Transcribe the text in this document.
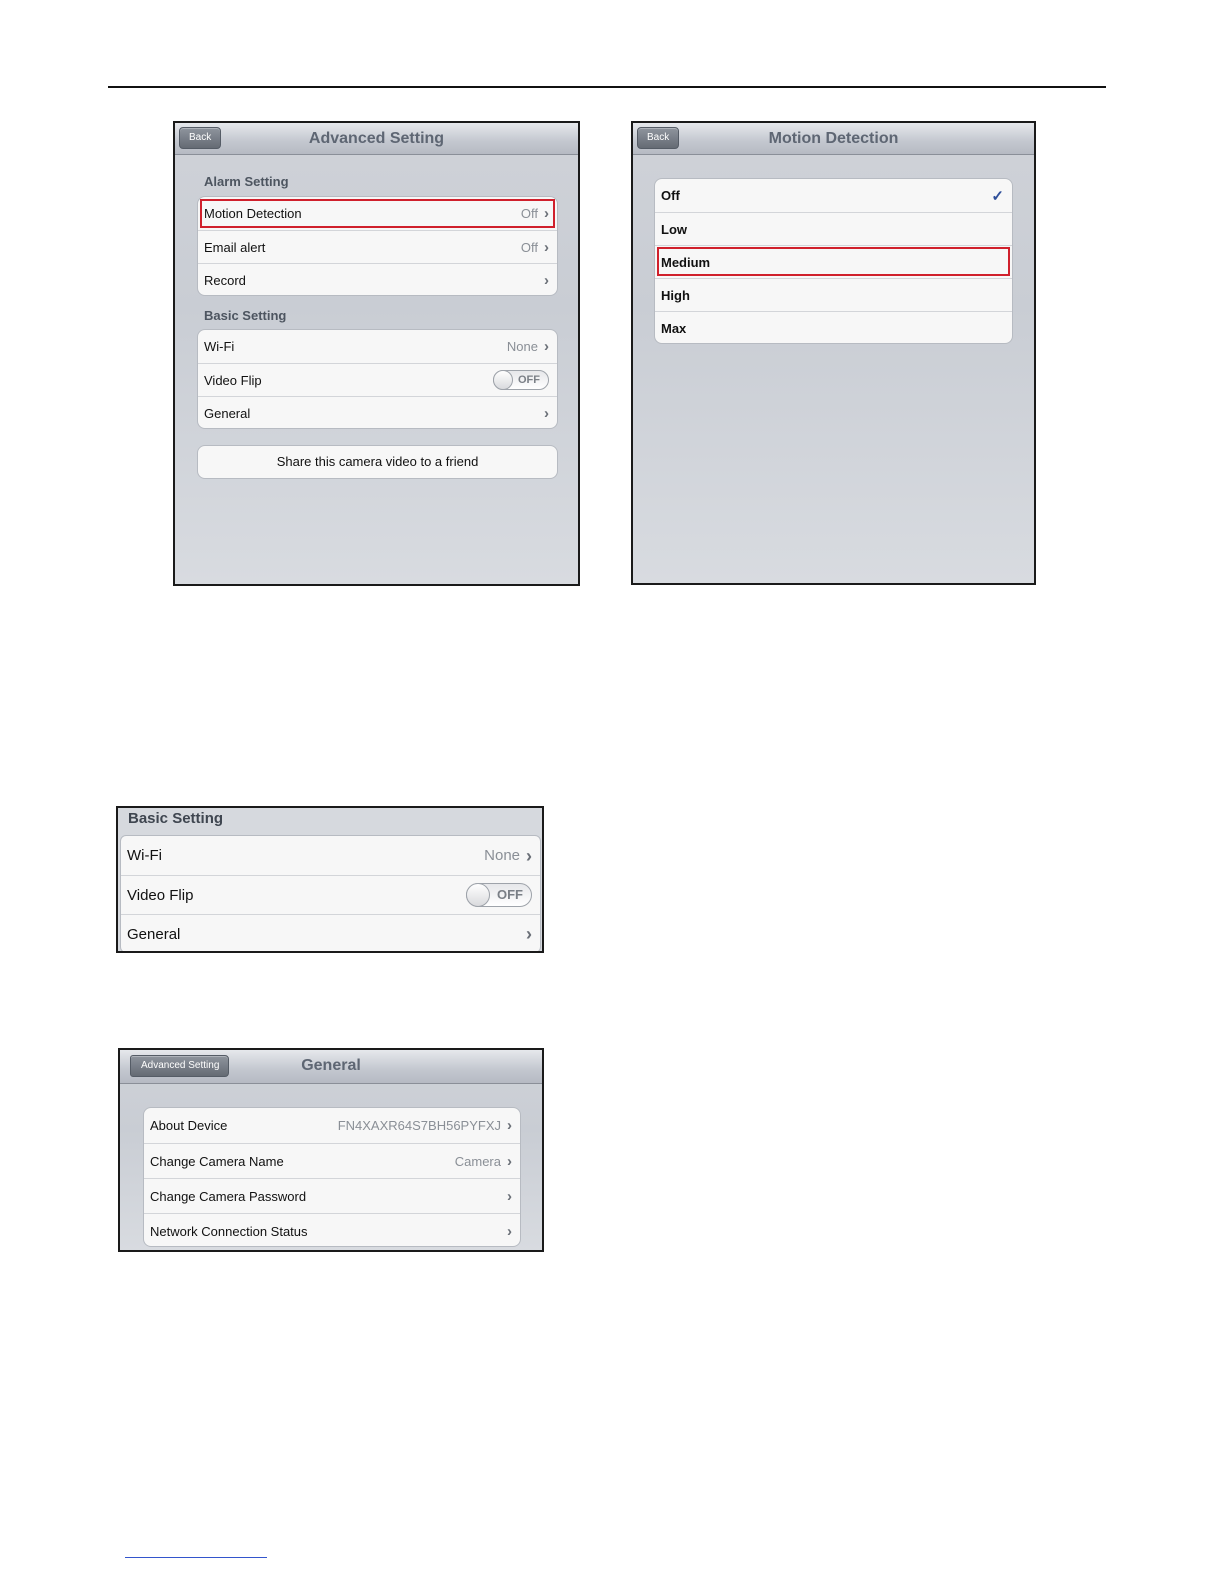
Advanced Setting
Back
Alarm Setting
Motion Detection	Off ›
Email alert	Off ›
Record	›
Basic Setting
Wi-Fi	None ›
Video Flip	OFF
General	›
Share this camera video to a friend
Motion Detection
Back
Off	✓
Low
Medium
High
Max
Basic Setting
Wi-Fi	None ›
Video Flip	OFF
General	›
General
Advanced Setting
About Device	FN4XAXR64S7BH56PYFXJ ›
Change Camera Name	Camera ›
Change Camera Password	›
Network Connection Status	›
